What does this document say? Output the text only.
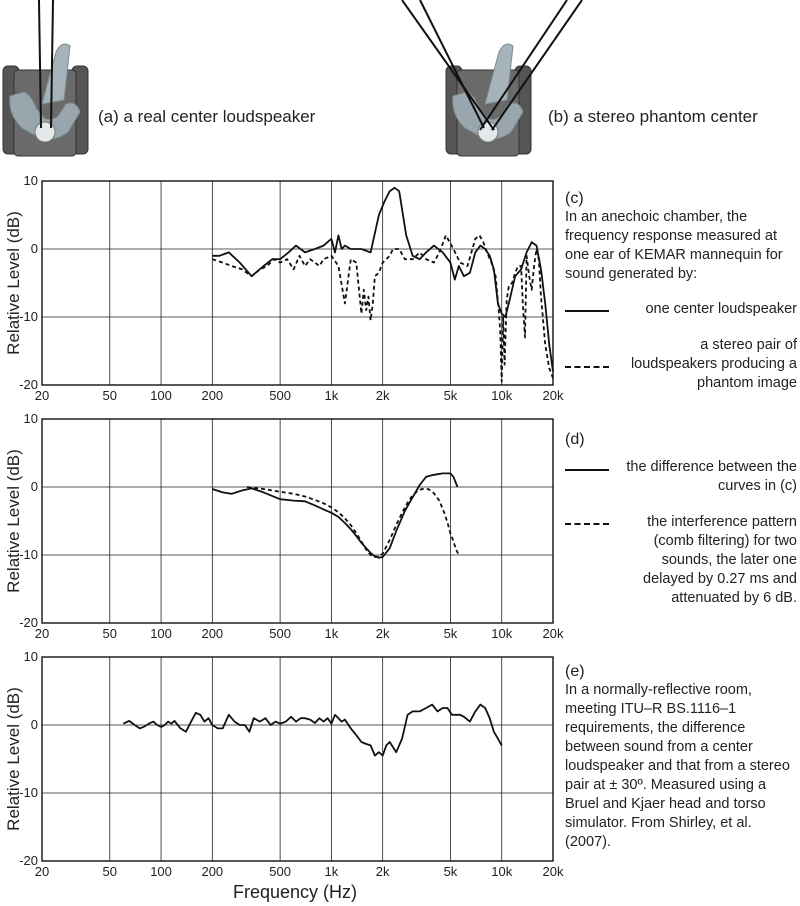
10
0
-10
-20
20	50	100 200	500	1k	2k	5k	10k 20k
Relative Level (dB)
10
0
-10
-20
20	50	100 200	500	1k	2k	5k	10k 20k
Relative Level (dB)
10
0
-10
-20
20	50	100 200	500	1k	2k	5k	10k 20k
Relative Level (dB)
Frequency (Hz)
(a) a real center loudspeaker	(b) a stereo phantom center

(c)

In an anechoic chamber, the frequency response measured at one ear of KEMAR mannequin for sound generated by:

one center loudspeaker
a stereo pair of loudspeakers producing a phantom image

(d)

the difference between the curves in (c)
the interference pattern (comb filtering) for two sounds, the later one delayed by 0.27 ms and attenuated by 6 dB.

(e)

In a normally-reflective room, meeting ITU–R BS.1116–1 requirements, the difference between sound from a center loudspeaker and that from a stereo pair at ± 30º. Measured using a Bruel and Kjaer head and torso simulator. From Shirley, et al. (2007).
